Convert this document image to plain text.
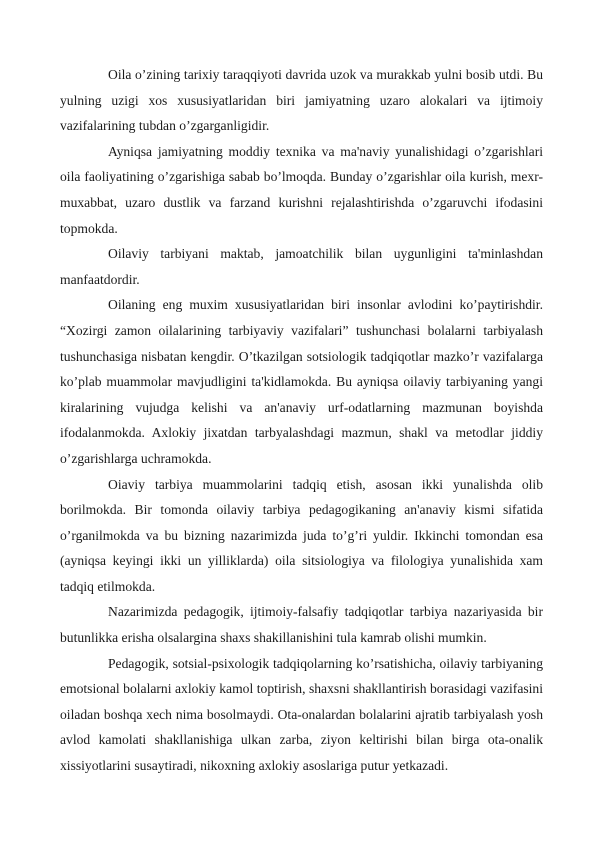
Oila o’zining tarixiy taraqqiyoti davrida uzok va murakkab yulni bosib utdi. Bu yulning uzigi xos xususiyatlaridan biri jamiyatning uzaro alokalari va ijtimoiy vazifalarining tubdan o’zgarganligidir.

Ayniqsa jamiyatning moddiy texnika va ma'naviy yunalishidagi o’zgarishlari oila faoliyatining o’zgarishiga sabab bo’lmoqda. Bunday o’zgarishlar oila kurish, mexr-muxabbat, uzaro dustlik va farzand kurishni rejalashtirishda o’zgaruvchi ifodasini topmokda.

Oilaviy tarbiyani maktab, jamoatchilik bilan uygunligini ta'minlashdan manfaatdordir.

Oilaning eng muxim xususiyatlaridan biri insonlar avlodini ko’paytirishdir. “Xozirgi zamon oilalarining tarbiyaviy vazifalari” tushunchasi bolalarni tarbiyalash tushunchasiga nisbatan kengdir. O’tkazilgan sotsiologik tadqiqotlar mazko’r vazifalarga ko’plab muammolar mavjudligini ta'kidlamokda. Bu ayniqsa oilaviy tarbiyaning yangi kiralarining vujudga kelishi va an'anaviy urf-odatlarning mazmunan boyishda ifodalanmokda. Axlokiy jixatdan tarbyalashdagi mazmun, shakl va metodlar jiddiy o’zgarishlarga uchramokda.

Oiaviy tarbiya muammolarini tadqiq etish, asosan ikki yunalishda olib borilmokda. Bir tomonda oilaviy tarbiya pedagogikaning an'anaviy kismi sifatida o’rganilmokda va bu bizning nazarimizda juda to’g’ri yuldir. Ikkinchi tomondan esa (ayniqsa keyingi ikki un yilliklarda) oila sitsiologiya va filologiya yunalishida xam tadqiq etilmokda.

Nazarimizda pedagogik, ijtimoiy-falsafiy tadqiqotlar tarbiya nazariyasida bir butunlikka erisha olsalargina shaxs shakillanishini tula kamrab olishi mumkin.

Pedagogik, sotsial-psixologik tadqiqolarning ko’rsatishicha, oilaviy tarbiyaning emotsional bolalarni axlokiy kamol toptirish, shaxsni shakllantirish borasidagi vazifasini oiladan boshqa xech nima bosolmaydi. Ota-onalardan bolalarini ajratib tarbiyalash yosh avlod kamolati shakllanishiga ulkan zarba, ziyon keltirishi bilan birga ota-onalik xissiyotlarini susaytiradi, nikoxning axlokiy asoslariga putur yetkazadi.
